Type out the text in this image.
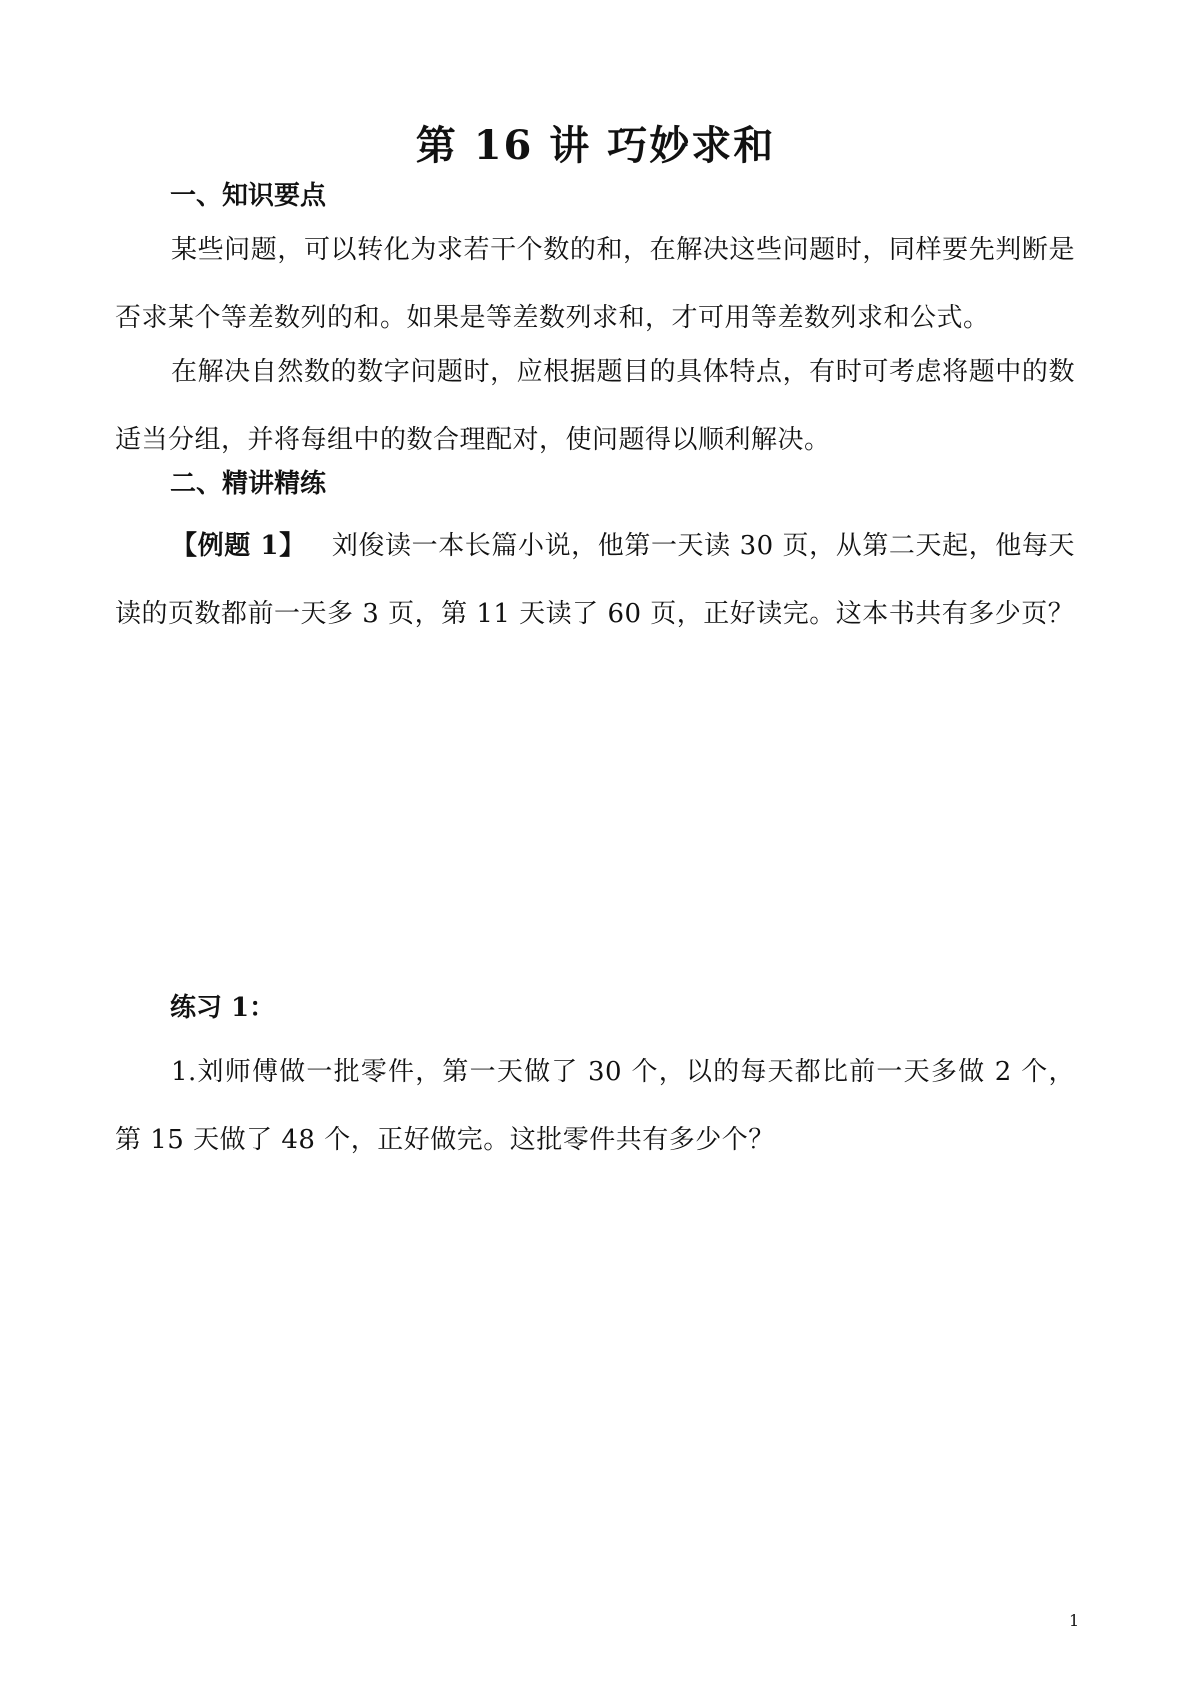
第 16 讲 巧妙求和
一、知识要点

某些问题，可以转化为求若干个数的和，在解决这些问题时，同样要先判断是否求某个等差数列的和。如果是等差数列求和，才可用等差数列求和公式。

在解决自然数的数字问题时，应根据题目的具体特点，有时可考虑将题中的数适当分组，并将每组中的数合理配对，使问题得以顺利解决。

二、精讲精练

【例题 1】 刘俊读一本长篇小说，他第一天读 30 页，从第二天起，他每天读的页数都前一天多 3 页，第 11 天读了 60 页，正好读完。这本书共有多少页？

练习 1：

1.刘师傅做一批零件，第一天做了 30 个，以的每天都比前一天多做 2 个，第 15 天做了 48 个，正好做完。这批零件共有多少个？

1
